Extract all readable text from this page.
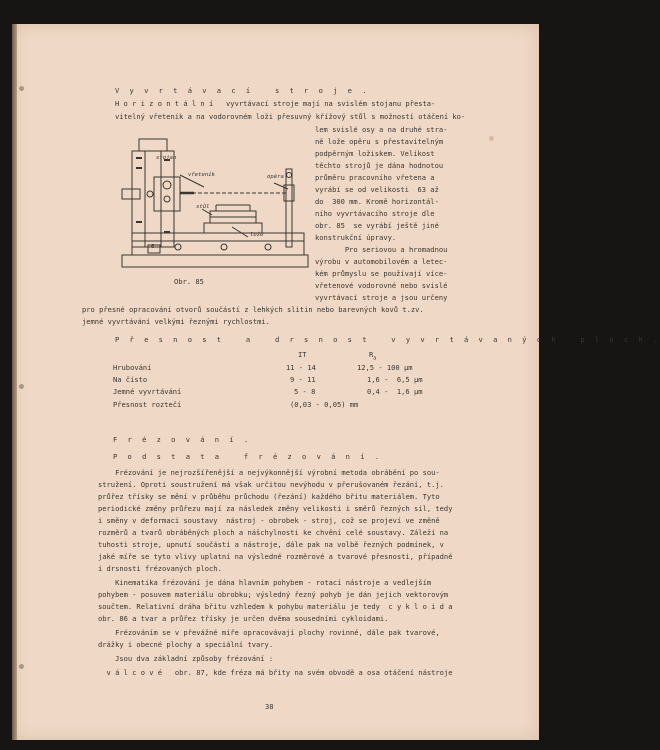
V y v r t á v a c í   s t r o j e .
H o r i z o n t á l n í   vyvrtávací stroje mají na svislém stojanu přesta-
vitelný vřeteník a na vodorovném loži přesuvný křížový stůl s možností otáčení ko-
lem svislé osy a na druhé stra-
ně lože opěru s přestavitelným
podpěrným ložiskem. Velikost
těchto strojů je dána hodnotou
průměru pracovního vřetena a
vyrábí se od velikosti  63 až
do  300 mm. Kromě horizontál-
ního vyvrtávacího stroje dle
obr. 85  se vyrábí ještě jiné
konstrukční úpravy.
Pro seriovou a hromadnou
výrobu v automobilovém a letec-
kém průmyslu se používají více-
vřetenové vodorovné nebo svislé
vyvrtávací stroje a jsou určeny
pro přesné opracování otvorů součástí z lehkých slitin nebo barevných kovů t.zv.
jemné vyvrtávání velkými řeznými rychlostmi.
stojan
vřeteník	opěra
stůl
lože
6
Obr. 85
P ř e s n o s t   a   d r s n o s t   v y v r t á v a n ý c h   p l o c h .
IT	$R_a$
Hrubování	11 - 14	12,5 - 100 μm
Na čisto	9 - 11	1,6 -  6,5 μm
Jemné vyvrtávání	5 - 8	0,4 -  1,6 μm
Přesnost roztečí	(0,03 - 0,05) mm
F r é z o v á n í .
P o d s t a t a   f r é z o v á n í .
Frézování je nejrozšířenější a nejvýkonnější výrobní metoda obrábění po sou-
stružení. Oproti soustružení má však určitou nevýhodu v přerušovaném řezání, t.j.
průřez třísky se mění v průběhu průchodu (řezání) každého břitu materiálem. Tyto
periodické změny průřezu mají za následek změny velikosti i směrů řezných sil, tedy
i směny v deformaci soustavy  nástroj - obrobek - stroj, což se projeví ve změně
rozměrů a tvarů obráběných ploch a nášchylnosti ke chvění celé soustavy. Záleží na
tuhosti stroje, upnutí součásti a nástroje, dále pak na volbě řezných podmínek, v
jaké míře se tyto vlivy uplatní na výsledné rozměrové a tvarové přesnosti, případně
i drsnosti frézovaných ploch.
Kinematika frézování je dána hlavním pohybem - rotací nástroje a vedlejším
pohybem - posuvem materiálu obrobku; výsledný řezný pohyb je dán jejich vektorovým
součtem. Relativní dráha břitu vzhledem k pohybu materiálu je tedy  c y k l o i d a
obr. 86 a tvar a průřez třísky je určen dvěma sousedními cykloidami.
Frézováním se v převážné míře opracovávají plochy rovinné, dále pak tvarové,
drážky i obecné plochy a speciální tvary.
Jsou dva základní způsoby frézování :
v á l c o v é   obr. 87, kde fréza má břity na svém obvodě a osa otáčení nástroje
38
